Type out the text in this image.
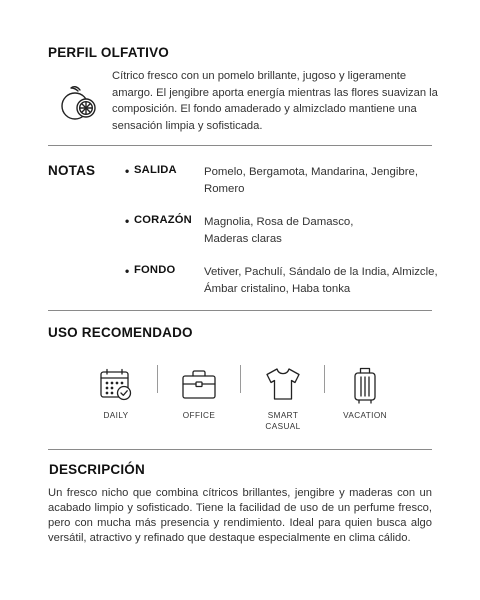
PERFIL OLFATIVO
Cítrico fresco con un pomelo brillante, jugoso y ligeramente amargo. El jengibre aporta energía mientras las flores suavizan la composición. El fondo amaderado y almizclado mantiene una sensación limpia y sofisticada.
NOTAS • SALIDA Pomelo, Bergamota, Mandarina, Jengibre, Romero
• CORAZÓN Magnolia, Rosa de Damasco, Maderas claras
• FONDO	Vetiver, Pachulí, Sándalo de la India, Almizcle, Ámbar cristalino, Haba tonka
USO RECOMENDADO
DAILY	OFFICE	SMART CASUAL
VACATION
DESCRIPCIÓN
Un fresco nicho que combina cítricos brillantes, jengibre y maderas con un acabado limpio y sofisticado. Tiene la facilidad de uso de un perfume fresco, pero con mucha más presencia y rendimiento. Ideal para quien busca algo versátil, atractivo y refinado que destaque especialmente en clima cálido.
